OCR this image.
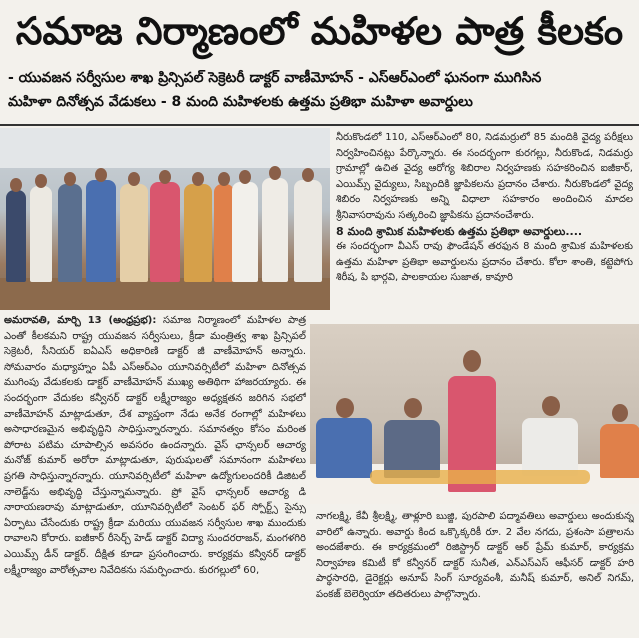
సమాజ నిర్మాణంలో మహిళల పాత్ర కీలకం
- యువజన సర్వీసుల శాఖ ప్రిన్సిపల్ సెక్రెటరీ డాక్టర్ వాణీమోహన్ - ఎస్ఆర్ఎంలో ఘనంగా ముగిసిన
మహిళా దినోత్సవ వేడుకలు - 8 మంది మహిళలకు ఉత్తమ ప్రతిభా మహిళా అవార్డులు

నీరుకొండలో 110, ఎస్ఆర్ఎంలో 80, నిడమర్రులో 85 మందికి వైద్య పరీక్షలు నిర్వహించినట్లు పేర్కొన్నారు. ఈ సందర్భంగా కురగల్లు, నీరుకొండ, నిడమర్రు గ్రామాల్లో ఉచిత వైద్య ఆరోగ్య శిబిరాల నిర్వహణకు సహకరించిన ఐజీకార్, ఎయిమ్స్ వైద్యులు, సిబ్బందికి జ్ఞాపికలను ప్రదానం చేశారు. నీరుకొండలో వైద్య శిబిరం నిర్వహణకు అన్ని విధాలా సహకారం అందించిన మాదల శ్రీనివాసరావును సత్కరించి జ్ఞాపికను ప్రదానంచేశారు.

8 మంది శ్రామిక మహిళలకు ఉత్తమ ప్రతిభా అవార్డులు....

ఈ సందర్భంగా వీఎస్ రావు ఫౌండేషన్ తరఫున 8 మంది శ్రామిక మహిళలకు ఉత్తమ మహిళా ప్రతిభా అవార్డులను ప్రదానం చేశారు. కోలా శాంతి, కట్టెపోగు శిరీష, పి భార్గవి, పాలకాయల సుజాత, కావూరి

అమరావతి, మార్చి 13 (ఆంధ్రప్రభ): సమాజ నిర్మాణంలో మహిళల పాత్ర ఎంతో కీలకమని రాష్ట్ర యువజన సర్వీసులు, క్రీడా మంత్రిత్వ శాఖ ప్రిన్సిపల్ సెక్రెటరీ, సీనియర్ ఐఏఎస్ అధికారిణి డాక్టర్ జీ వాణీమోహన్ అన్నారు. సోమవారం మధ్యాహ్నం ఏపీ ఎస్ఆర్ఎం యూనివర్సిటీలో మహిళా దినోత్సవ ముగింపు వేడుకలకు డాక్టర్ వాణీమోహన్ ముఖ్య అతిథిగా హాజరయ్యారు. ఈ సందర్భంగా వేదుకల కన్వీనర్ డాక్టర్ లక్ష్మీరాజ్యం అధ్యక్షతన జరిగిన సభలో వాణీమోహన్ మాట్లాడుతూ, దేశ వ్యాప్తంగా నేడు అనేక రంగాల్లో మహిళలు అసాధారణమైన అభివృద్ధిని సాధిస్తున్నారన్నారు. సమానత్వం కోసం మరింత పోరాట పటిమ చూపాల్సిన అవసరం ఉందన్నారు. వైస్ ఛాన్సలర్ ఆచార్య మనోజ్ కుమార్ అరోరా మాట్లాడుతూ, పురుషులతో సమానంగా మహిళలు ప్రగతి సాధిస్తున్నారన్నారు. యూనివర్సిటీలో మహిళా ఉద్యోగులందరికీ డిజిటల్ నాలెడ్జ్‌ను అభివృద్ధి చేస్తున్నామన్నారు. ప్రో వైస్ ఛాన్సలర్ ఆచార్య డి నారాయణరావు మాట్లాడుతూ, యూనివర్సిటీలో సెంటర్ ఫర్ స్పోర్ట్స్ సైన్సు ఏర్పాటు చేసేందుకు రాష్ట్ర క్రీడా మరియు యువజన సర్వీసుల శాఖ ముందుకు రావాలని కోరారు. ఐజీకార్ రీసెర్చ్ హెడ్ డాక్టర్ విద్యా సుందరరాజన్, మంగళగిరి ఎయిమ్స్ డీన్ డాక్టర్. దీక్షిత కూడా ప్రసంగించారు. కార్యక్రమ కన్వీనర్ డాక్టర్ లక్ష్మీరాజ్యం వారోత్సవాల నివేదికను సమర్పించారు. కురగల్లులో 60,

నాగలక్ష్మి, కేవీ శ్రీలక్ష్మి, తాళ్లూరి బుజ్జి, పురపాలి పద్మావతిలు అవార్డులు అందుకున్న వారిలో ఉన్నారు. అవార్డు కింద ఒక్కొక్కరికీ రూ. 2 వేల నగదు, ప్రశంసా పత్రాలను అందజేశారు. ఈ కార్యక్రమంలో రిజిస్ట్రార్ డాక్టర్ ఆర్ ప్రేమ్ కుమార్, కార్యక్రమ నిర్వాహణ కమిటీ కో కన్వీనర్ డాక్టర్ సునీత, ఎన్ఎస్ఎస్ ఆఫీసర్ డాక్టర్ హరి పార్థసారధి, డైరెక్టర్లు అనూప్ సింగ్ సూర్యవంశీ, మనీష్ కుమార్, అనిల్ నిగమ్, పంకజ్ బెలెర్వియా తదితరులు పాల్గొన్నారు.
